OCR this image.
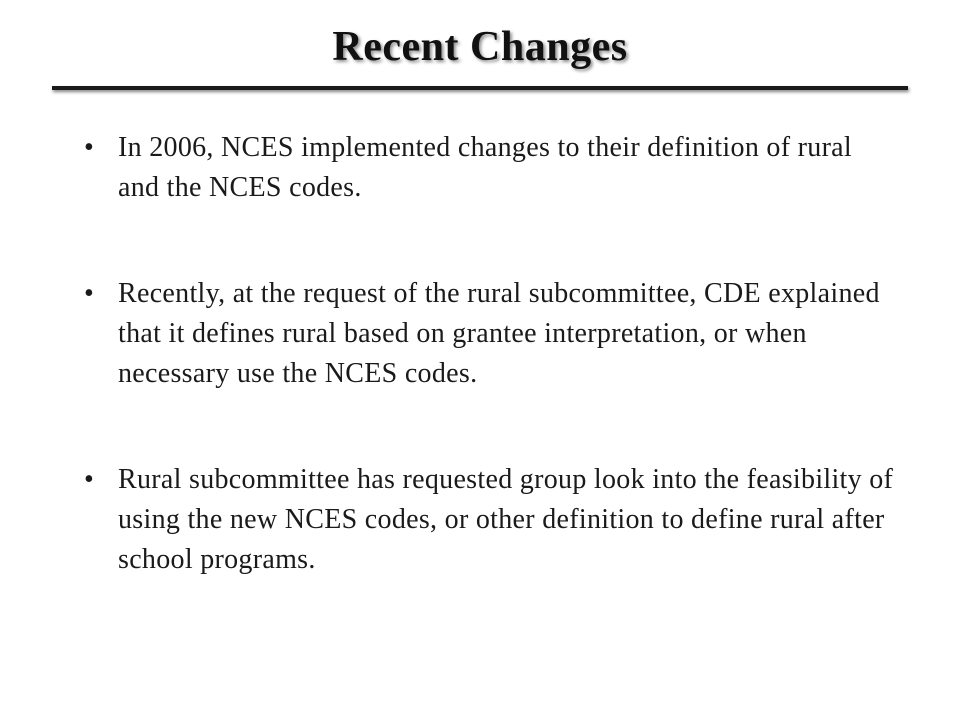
Recent Changes
• In 2006, NCES implemented changes to their definition of rural and the NCES codes.
• Recently, at the request of the rural subcommittee, CDE explained that it defines rural based on grantee interpretation, or when necessary use the NCES codes.
• Rural subcommittee has requested group look into the feasibility of using the new NCES codes, or other definition to define rural after school programs.
